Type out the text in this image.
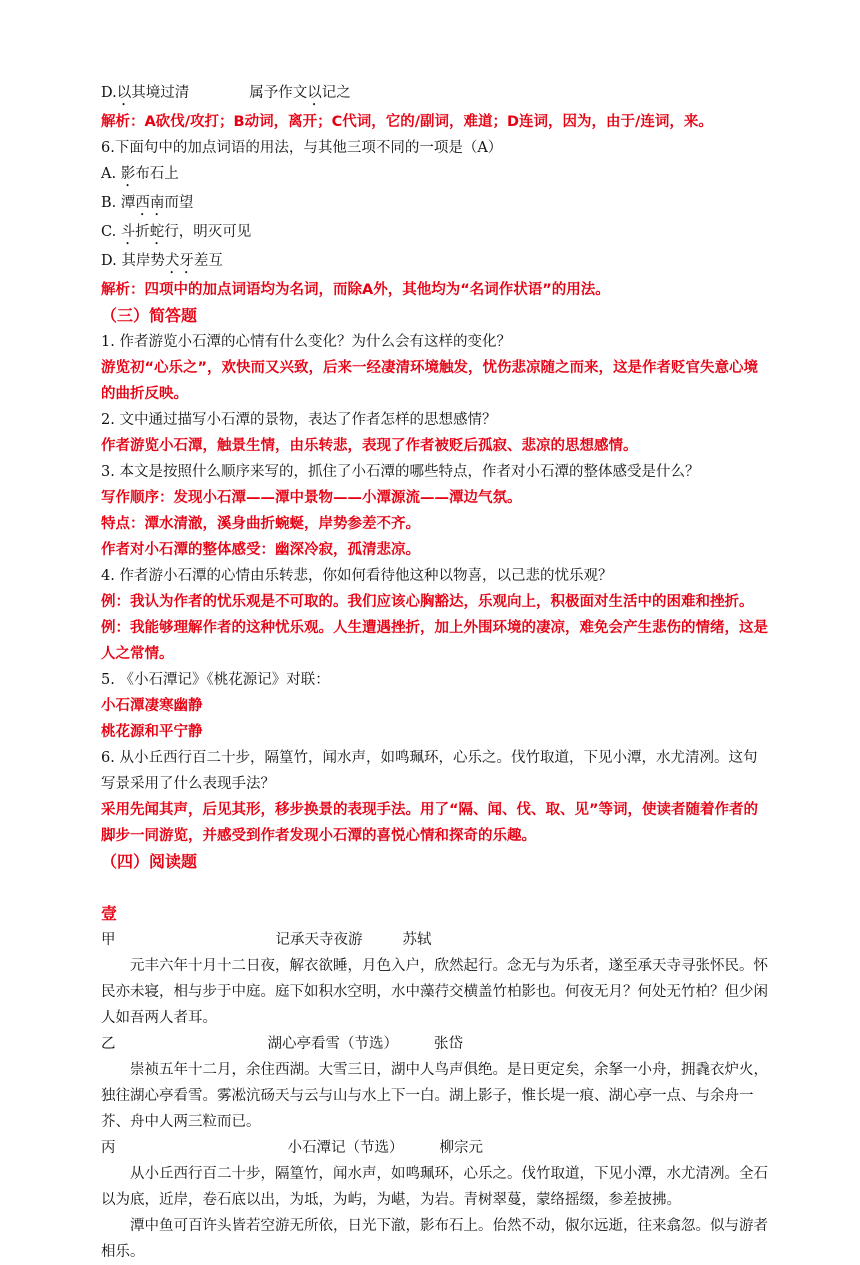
D.以其境过清	属予作文以记之

解析：A砍伐/攻打；B动词，离开；C代词，它的/副词，难道；D连词，因为，由于/连词，来。

6.下面句中的加点词语的用法，与其他三项不同的一项是（A）

A. 影布石上

B. 潭西南而望

C. 斗折蛇行，明灭可见

D. 其岸势犬牙差互

解析：四项中的加点词语均为名词，而除A外，其他均为“名词作状语”的用法。

（三）简答题

1. 作者游览小石潭的心情有什么变化？为什么会有这样的变化？

游览初“心乐之”，欢快而又兴致，后来一经凄清环境触发，忧伤悲凉随之而来，这是作者贬官失意心境的曲折反映。

2. 文中通过描写小石潭的景物，表达了作者怎样的思想感情？

作者游览小石潭，触景生情，由乐转悲，表现了作者被贬后孤寂、悲凉的思想感情。

3. 本文是按照什么顺序来写的，抓住了小石潭的哪些特点，作者对小石潭的整体感受是什么？

写作顺序：发现小石潭——潭中景物——小潭源流——潭边气氛。

特点：潭水清澈，溪身曲折蜿蜒，岸势参差不齐。

作者对小石潭的整体感受：幽深冷寂，孤清悲凉。

4. 作者游小石潭的心情由乐转悲，你如何看待他这种以物喜，以己悲的忧乐观？

例：我认为作者的忧乐观是不可取的。我们应该心胸豁达，乐观向上，积极面对生活中的困难和挫折。

例：我能够理解作者的这种忧乐观。人生遭遇挫折，加上外围环境的凄凉，难免会产生悲伤的情绪，这是人之常情。

5. 《小石潭记》《桃花源记》对联：

小石潭凄寒幽静

桃花源和平宁静

6. 从小丘西行百二十步，隔篁竹，闻水声，如鸣珮环，心乐之。伐竹取道，下见小潭，水尤清冽。这句写景采用了什么表现手法？

采用先闻其声，后见其形，移步换景的表现手法。用了“隔、闻、伐、取、见”等词，使读者随着作者的脚步一同游览，并感受到作者发现小石潭的喜悦心情和探奇的乐趣。

（四）阅读题

壹

甲	记承天寺夜游	苏轼

元丰六年十月十二日夜，解衣欲睡，月色入户，欣然起行。念无与为乐者，遂至承天寺寻张怀民。怀民亦未寝，相与步于中庭。庭下如积水空明，水中藻荇交横盖竹柏影也。何夜无月？何处无竹柏？但少闲人如吾两人者耳。

乙	湖心亭看雪（节选） 张岱

崇祯五年十二月，余住西湖。大雪三日，湖中人鸟声俱绝。是日更定矣，余拏一小舟，拥毳衣炉火，独往湖心亭看雪。雾凇沆砀天与云与山与水上下一白。湖上影子，惟长堤一痕、湖心亭一点、与余舟一芥、舟中人两三粒而已。

丙	小石潭记（节选） 柳宗元

从小丘西行百二十步，隔篁竹，闻水声，如鸣珮环，心乐之。伐竹取道，下见小潭，水尤清冽。全石以为底，近岸，卷石底以出，为坻，为屿，为嵁，为岩。青树翠蔓，蒙络摇缀，参差披拂。

潭中鱼可百许头皆若空游无所依，日光下澈，影布石上。佁然不动，俶尔远逝，往来翕忽。似与游者相乐。
